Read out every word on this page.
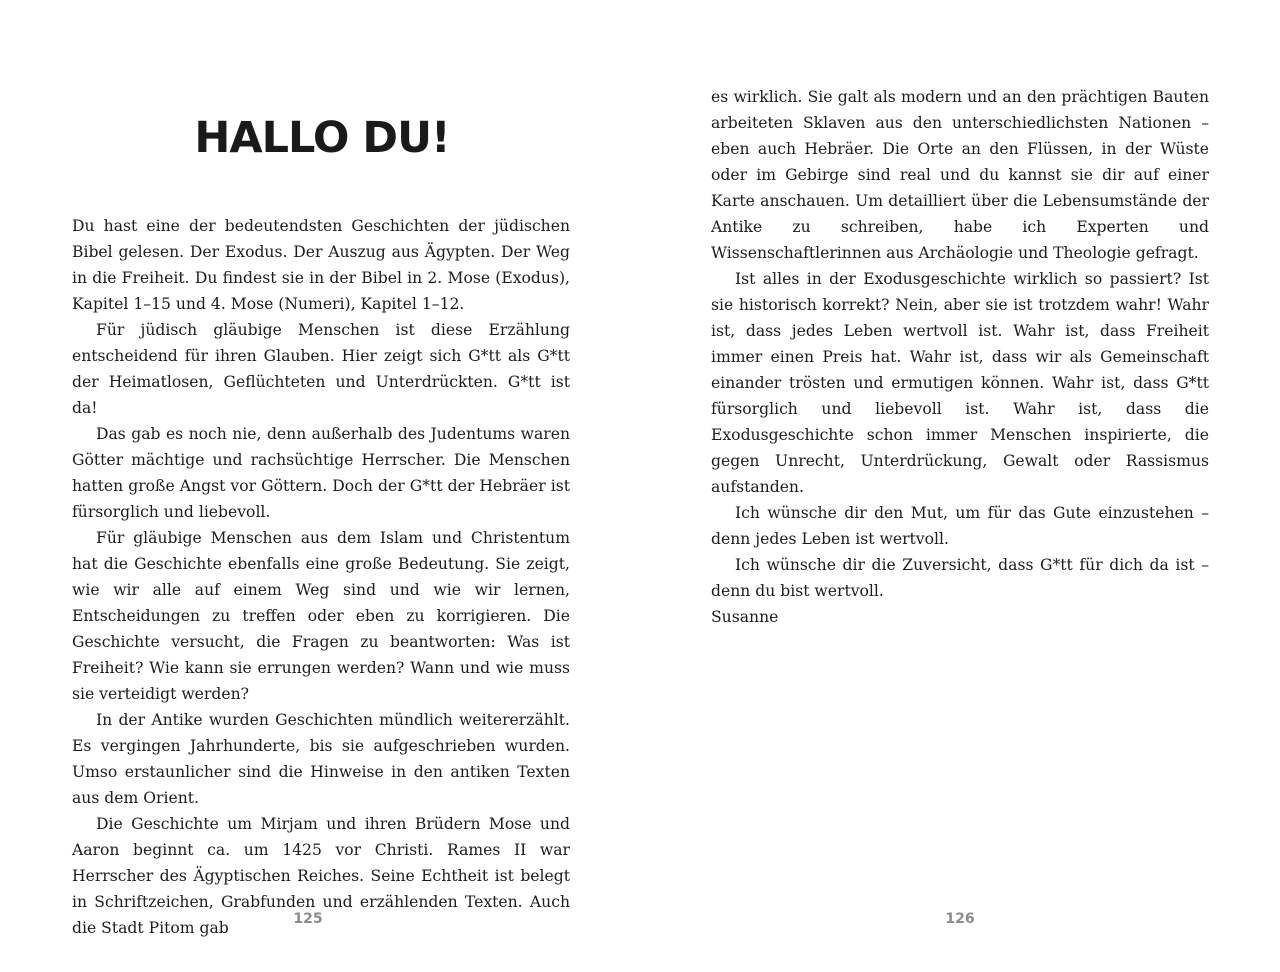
HALLO DU!

Du hast eine der bedeutendsten Geschichten der jüdischen Bibel gelesen. Der Exodus. Der Auszug aus Ägypten. Der Weg in die Freiheit. Du findest sie in der Bibel in 2. Mose (Exodus), Kapitel 1–15 und 4. Mose (Numeri), Kapitel 1–12.

Für jüdisch gläubige Menschen ist diese Erzählung entscheidend für ihren Glauben. Hier zeigt sich G*tt als G*tt der Heimatlosen, Geflüchteten und Unterdrückten. G*tt ist da!

Das gab es noch nie, denn außerhalb des Judentums waren Götter mächtige und rachsüchtige Herrscher. Die Menschen hatten große Angst vor Göttern. Doch der G*tt der Hebräer ist fürsorglich und liebevoll.

Für gläubige Menschen aus dem Islam und Christentum hat die Geschichte ebenfalls eine große Bedeutung. Sie zeigt, wie wir alle auf einem Weg sind und wie wir lernen, Entscheidungen zu treffen oder eben zu korrigieren. Die Geschichte versucht, die Fragen zu beantworten: Was ist Freiheit? Wie kann sie errungen werden? Wann und wie muss sie verteidigt werden?

In der Antike wurden Geschichten mündlich weitererzählt. Es vergingen Jahrhunderte, bis sie aufgeschrieben wurden. Umso erstaunlicher sind die Hinweise in den antiken Texten aus dem Orient.

Die Geschichte um Mirjam und ihren Brüdern Mose und Aaron beginnt ca. um 1425 vor Christi. Rames II war Herrscher des Ägyptischen Reiches. Seine Echtheit ist belegt in Schriftzeichen, Grabfunden und erzählenden Texten. Auch die Stadt Pitom gab	125

es wirklich. Sie galt als modern und an den prächtigen Bauten arbeiteten Sklaven aus den unterschiedlichsten Nationen – eben auch Hebräer. Die Orte an den Flüssen, in der Wüste oder im Gebirge sind real und du kannst sie dir auf einer Karte anschauen. Um detailliert über die Lebensumstände der Antike zu schreiben, habe ich Experten und Wissenschaftlerinnen aus Archäologie und Theologie gefragt.

Ist alles in der Exodusgeschichte wirklich so passiert? Ist sie historisch korrekt? Nein, aber sie ist trotzdem wahr! Wahr ist, dass jedes Leben wertvoll ist. Wahr ist, dass Freiheit immer einen Preis hat. Wahr ist, dass wir als Gemeinschaft einander trösten und ermutigen können. Wahr ist, dass G*tt fürsorglich und liebevoll ist. Wahr ist, dass die Exodusgeschichte schon immer Menschen inspirierte, die gegen Unrecht, Unterdrückung, Gewalt oder Rassismus aufstanden.

Ich wünsche dir den Mut, um für das Gute einzustehen – denn jedes Leben ist wertvoll.

Ich wünsche dir die Zuversicht, dass G*tt für dich da ist – denn du bist wertvoll.

Susanne

126
